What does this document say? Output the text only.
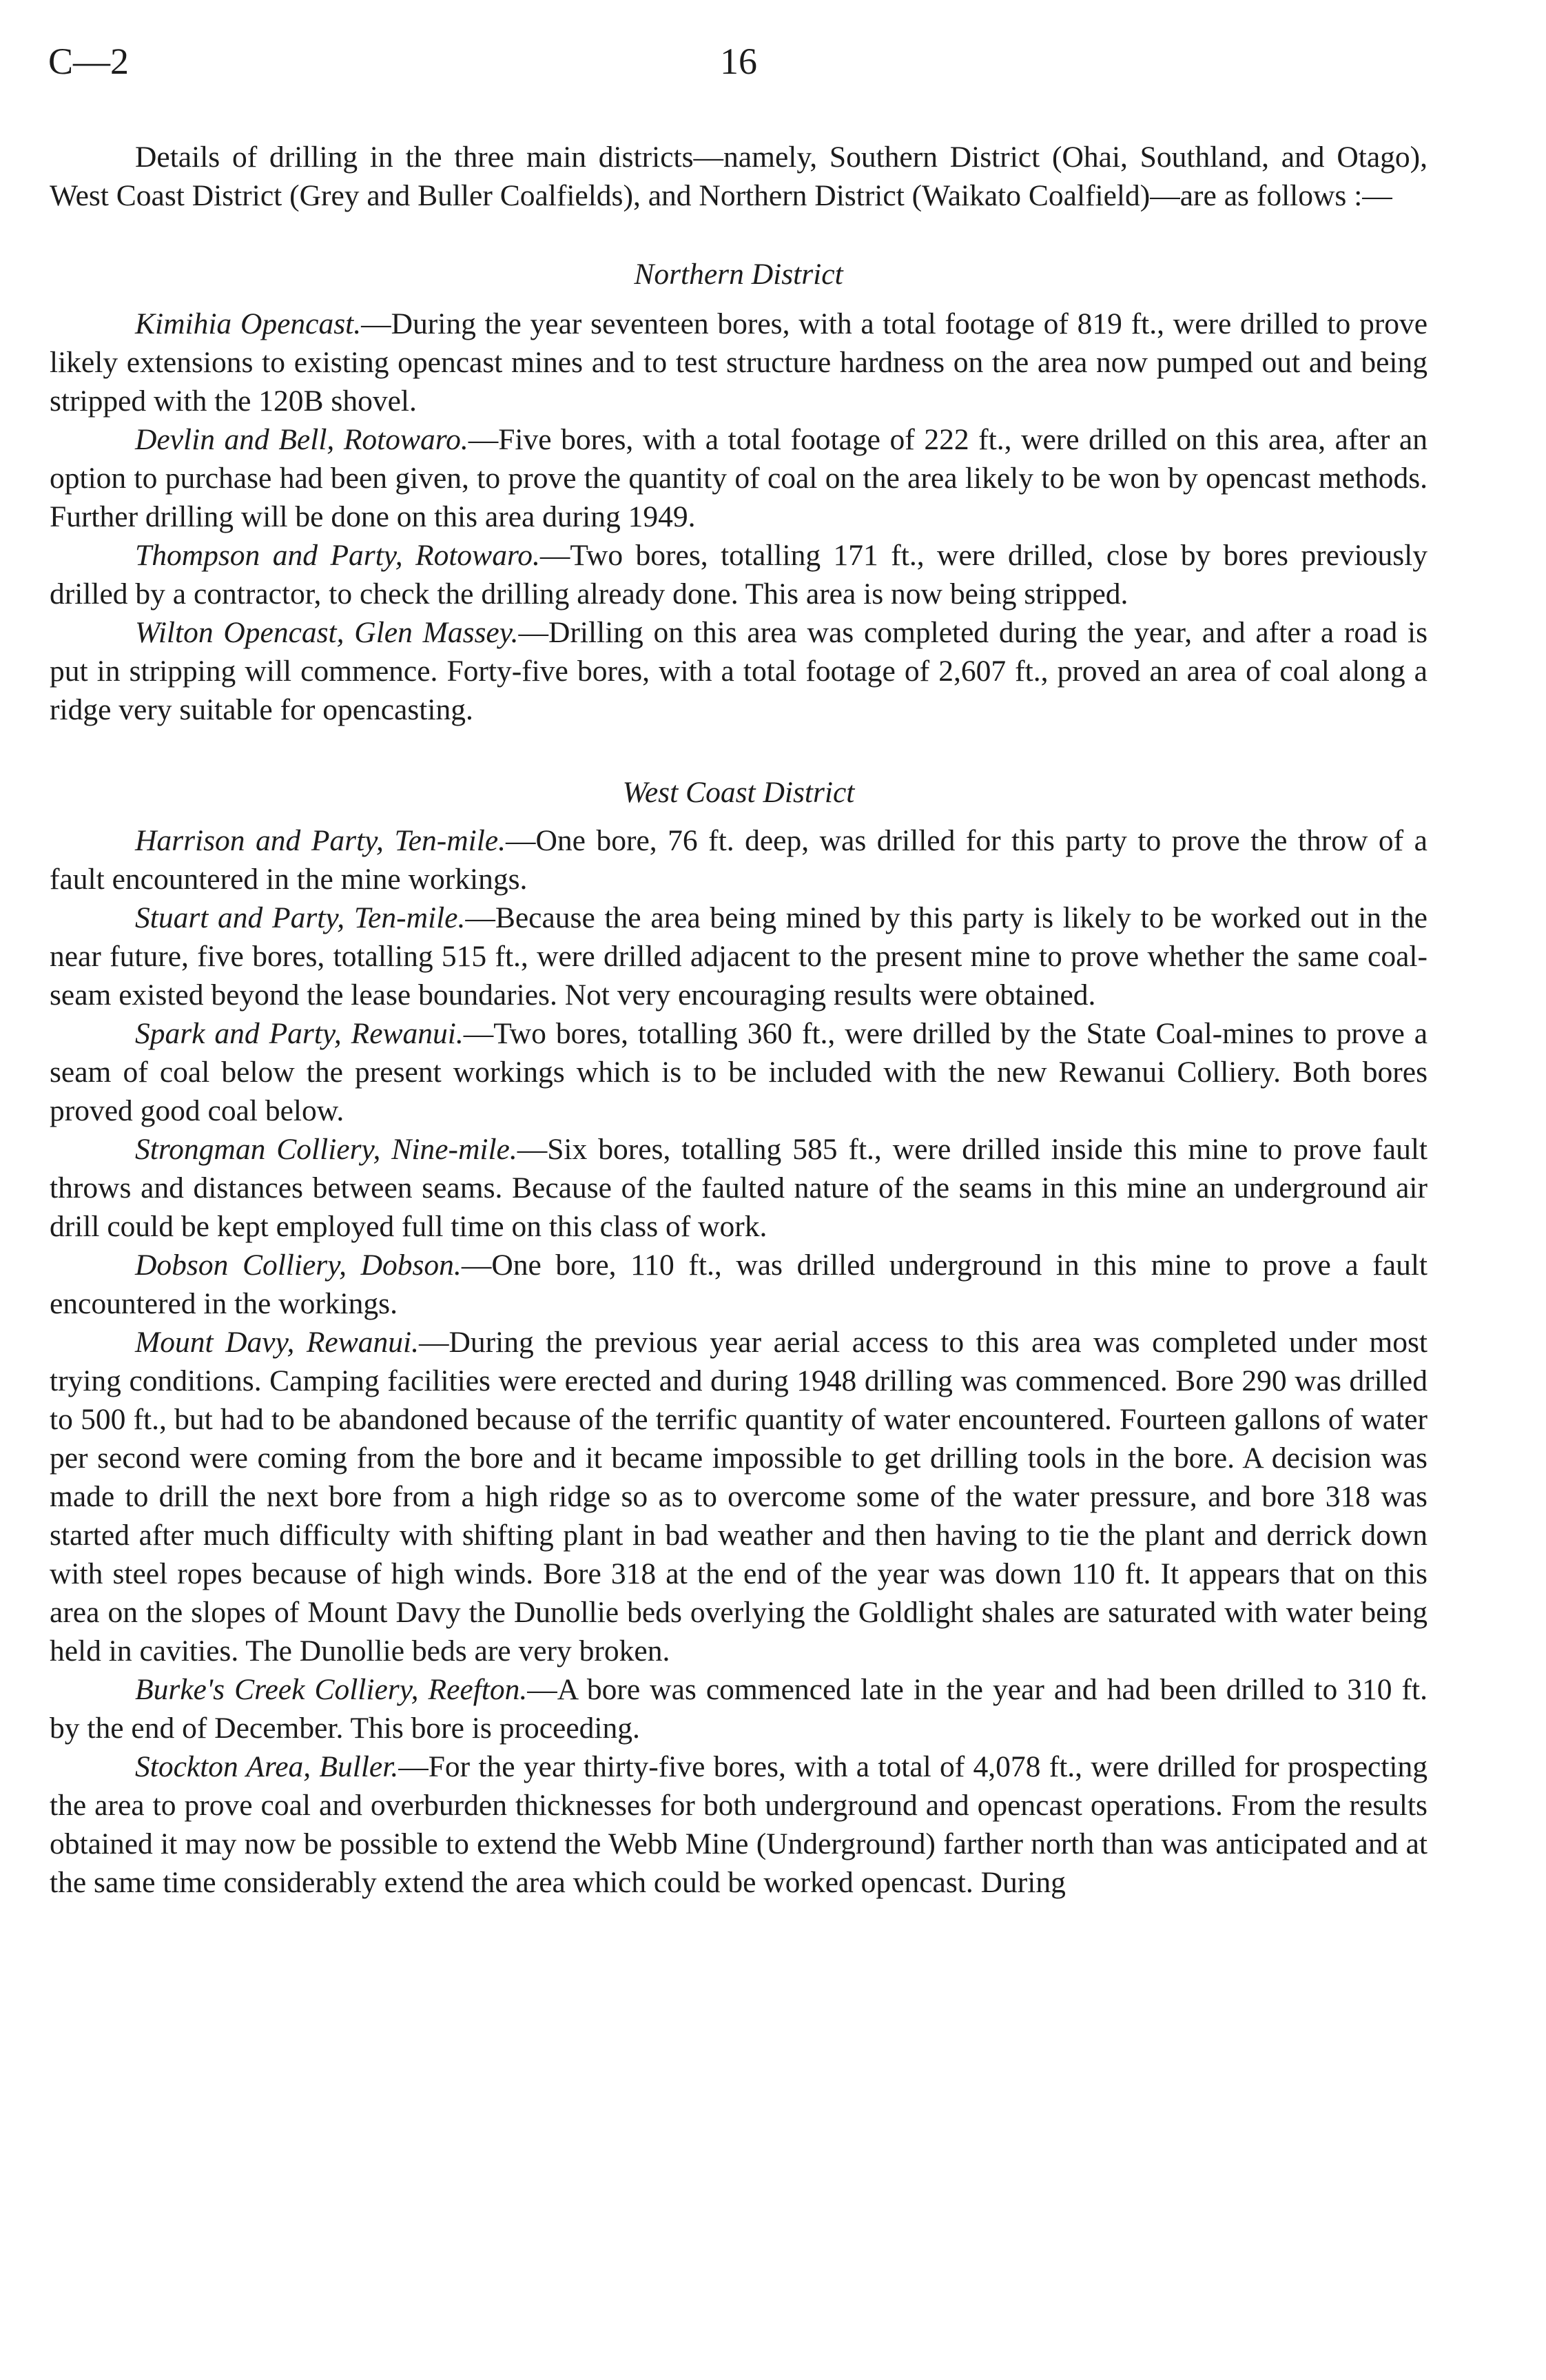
C—2	16

Details of drilling in the three main districts—namely, Southern District (Ohai, Southland, and Otago), West Coast District (Grey and Buller Coalfields), and Northern District (Waikato Coalfield)—are as follows :—

Northern District

Kimihia Opencast.—During the year seventeen bores, with a total footage of 819 ft., were drilled to prove likely extensions to existing opencast mines and to test structure hardness on the area now pumped out and being stripped with the 120B shovel.

Devlin and Bell, Rotowaro.—Five bores, with a total footage of 222 ft., were drilled on this area, after an option to purchase had been given, to prove the quantity of coal on the area likely to be won by opencast methods. Further drilling will be done on this area during 1949.

Thompson and Party, Rotowaro.—Two bores, totalling 171 ft., were drilled, close by bores previously drilled by a contractor, to check the drilling already done. This area is now being stripped.

Wilton Opencast, Glen Massey.—Drilling on this area was completed during the year, and after a road is put in stripping will commence. Forty-five bores, with a total footage of 2,607 ft., proved an area of coal along a ridge very suitable for opencasting.

West Coast District

Harrison and Party, Ten-mile.—One bore, 76 ft. deep, was drilled for this party to prove the throw of a fault encountered in the mine workings.

Stuart and Party, Ten-mile.—Because the area being mined by this party is likely to be worked out in the near future, five bores, totalling 515 ft., were drilled adjacent to the present mine to prove whether the same coal-seam existed beyond the lease boundaries. Not very encouraging results were obtained.

Spark and Party, Rewanui.—Two bores, totalling 360 ft., were drilled by the State Coal-mines to prove a seam of coal below the present workings which is to be included with the new Rewanui Colliery. Both bores proved good coal below.

Strongman Colliery, Nine-mile.—Six bores, totalling 585 ft., were drilled inside this mine to prove fault throws and distances between seams. Because of the faulted nature of the seams in this mine an underground air drill could be kept employed full time on this class of work.

Dobson Colliery, Dobson.—One bore, 110 ft., was drilled underground in this mine to prove a fault encountered in the workings.

Mount Davy, Rewanui.—During the previous year aerial access to this area was completed under most trying conditions. Camping facilities were erected and during 1948 drilling was commenced. Bore 290 was drilled to 500 ft., but had to be abandoned because of the terrific quantity of water encountered. Fourteen gallons of water per second were coming from the bore and it became impossible to get drilling tools in the bore. A decision was made to drill the next bore from a high ridge so as to overcome some of the water pressure, and bore 318 was started after much difficulty with shifting plant in bad weather and then having to tie the plant and derrick down with steel ropes because of high winds. Bore 318 at the end of the year was down 110 ft. It appears that on this area on the slopes of Mount Davy the Dunollie beds overlying the Goldlight shales are saturated with water being held in cavities. The Dunollie beds are very broken.

Burke's Creek Colliery, Reefton.—A bore was commenced late in the year and had been drilled to 310 ft. by the end of December. This bore is proceeding.

Stockton Area, Buller.—For the year thirty-five bores, with a total of 4,078 ft., were drilled for prospecting the area to prove coal and overburden thicknesses for both underground and opencast operations. From the results obtained it may now be possible to extend the Webb Mine (Underground) farther north than was anticipated and at the same time considerably extend the area which could be worked opencast. During
